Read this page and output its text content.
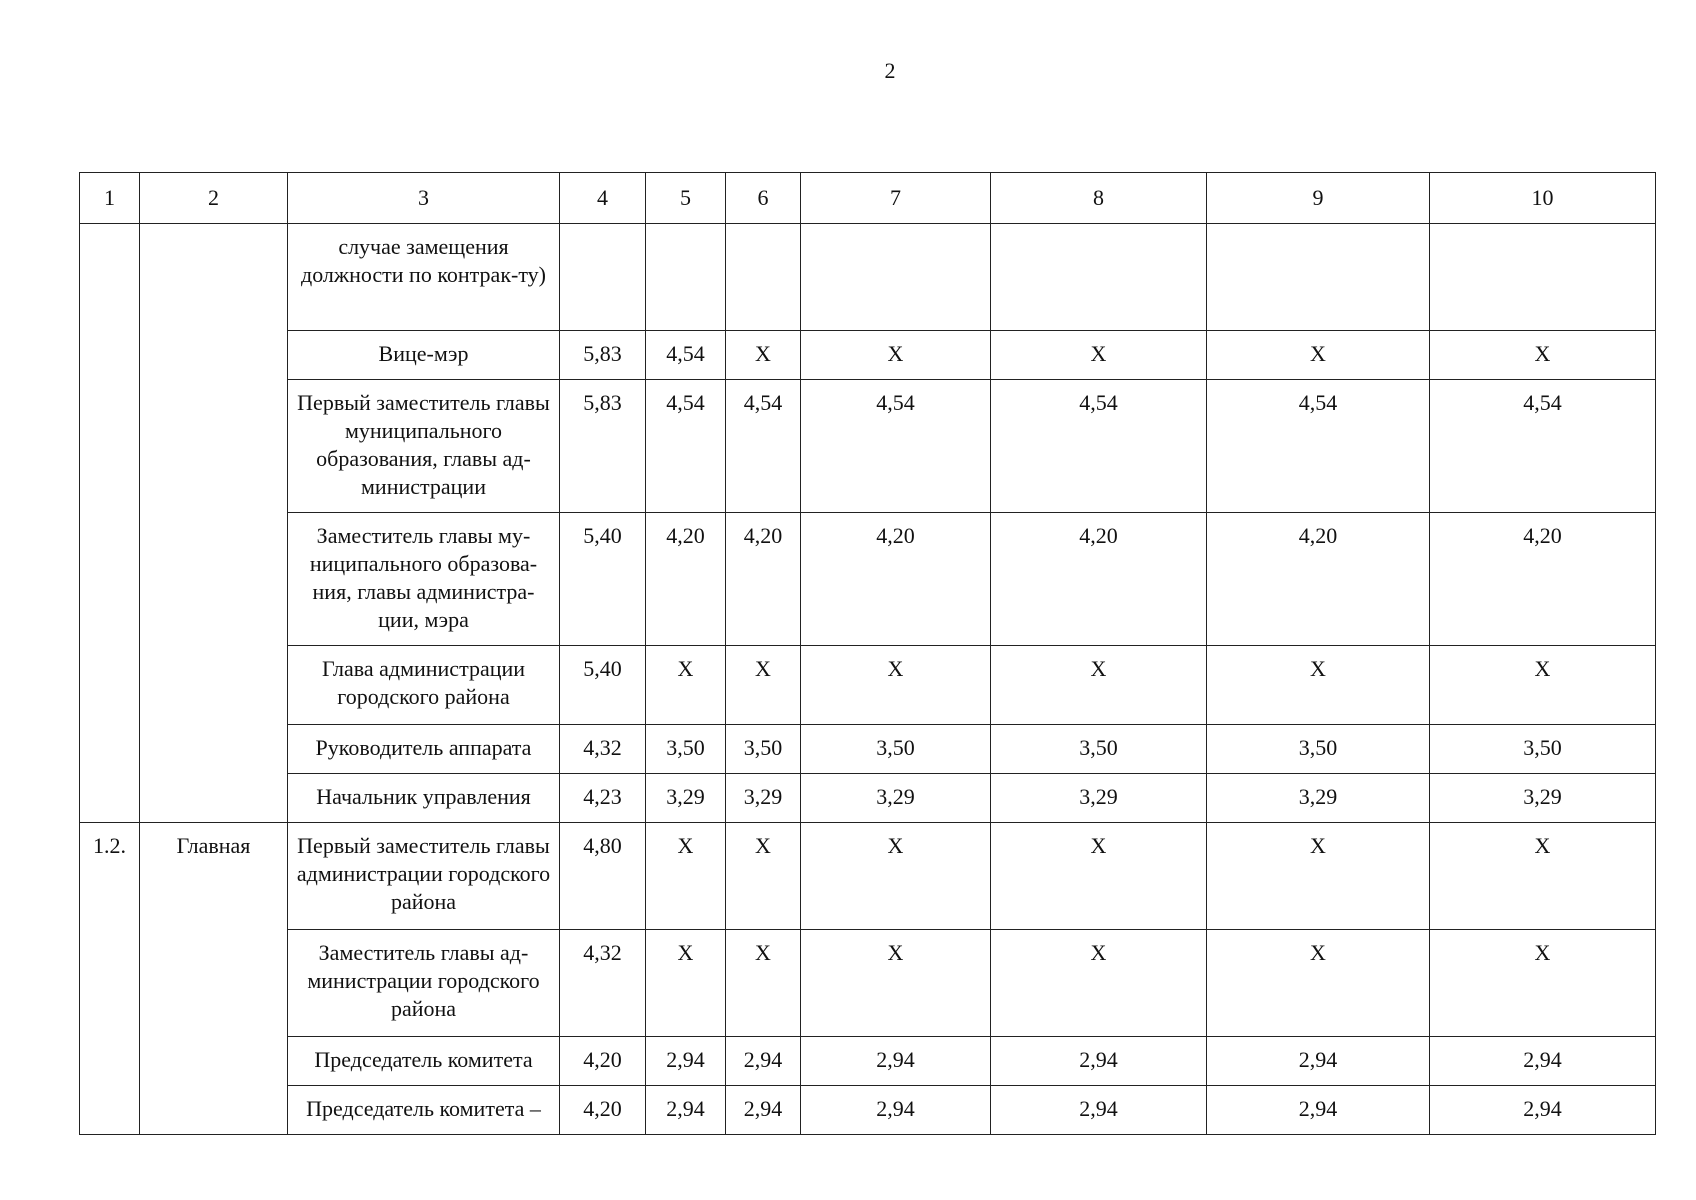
2
1	2	3	4	5	6	7	8	9	10
		случае замещения должности по контрак-ту)							
		Вице-мэр	5,83	4,54	Х	Х	Х	Х	Х
		Первый заместитель главы муниципального образования, главы ад-министрации	5,83	4,54	4,54	4,54	4,54	4,54	4,54
		Заместитель главы му-ниципального образова-ния, главы администра-ции, мэра	5,40	4,20	4,20	4,20	4,20	4,20	4,20
		Глава администрации городского района	5,40	Х	Х	Х	Х	Х	Х
		Руководитель аппарата	4,32	3,50	3,50	3,50	3,50	3,50	3,50
		Начальник управления	4,23	3,29	3,29	3,29	3,29	3,29	3,29
1.2.	Главная	Первый заместитель главы администрации городского района	4,80	Х	Х	Х	Х	Х	Х
		Заместитель главы ад-министрации городского района	4,32	Х	Х	Х	Х	Х	Х
		Председатель комитета	4,20	2,94	2,94	2,94	2,94	2,94	2,94
		Председатель комитета –	4,20	2,94	2,94	2,94	2,94	2,94	2,94
